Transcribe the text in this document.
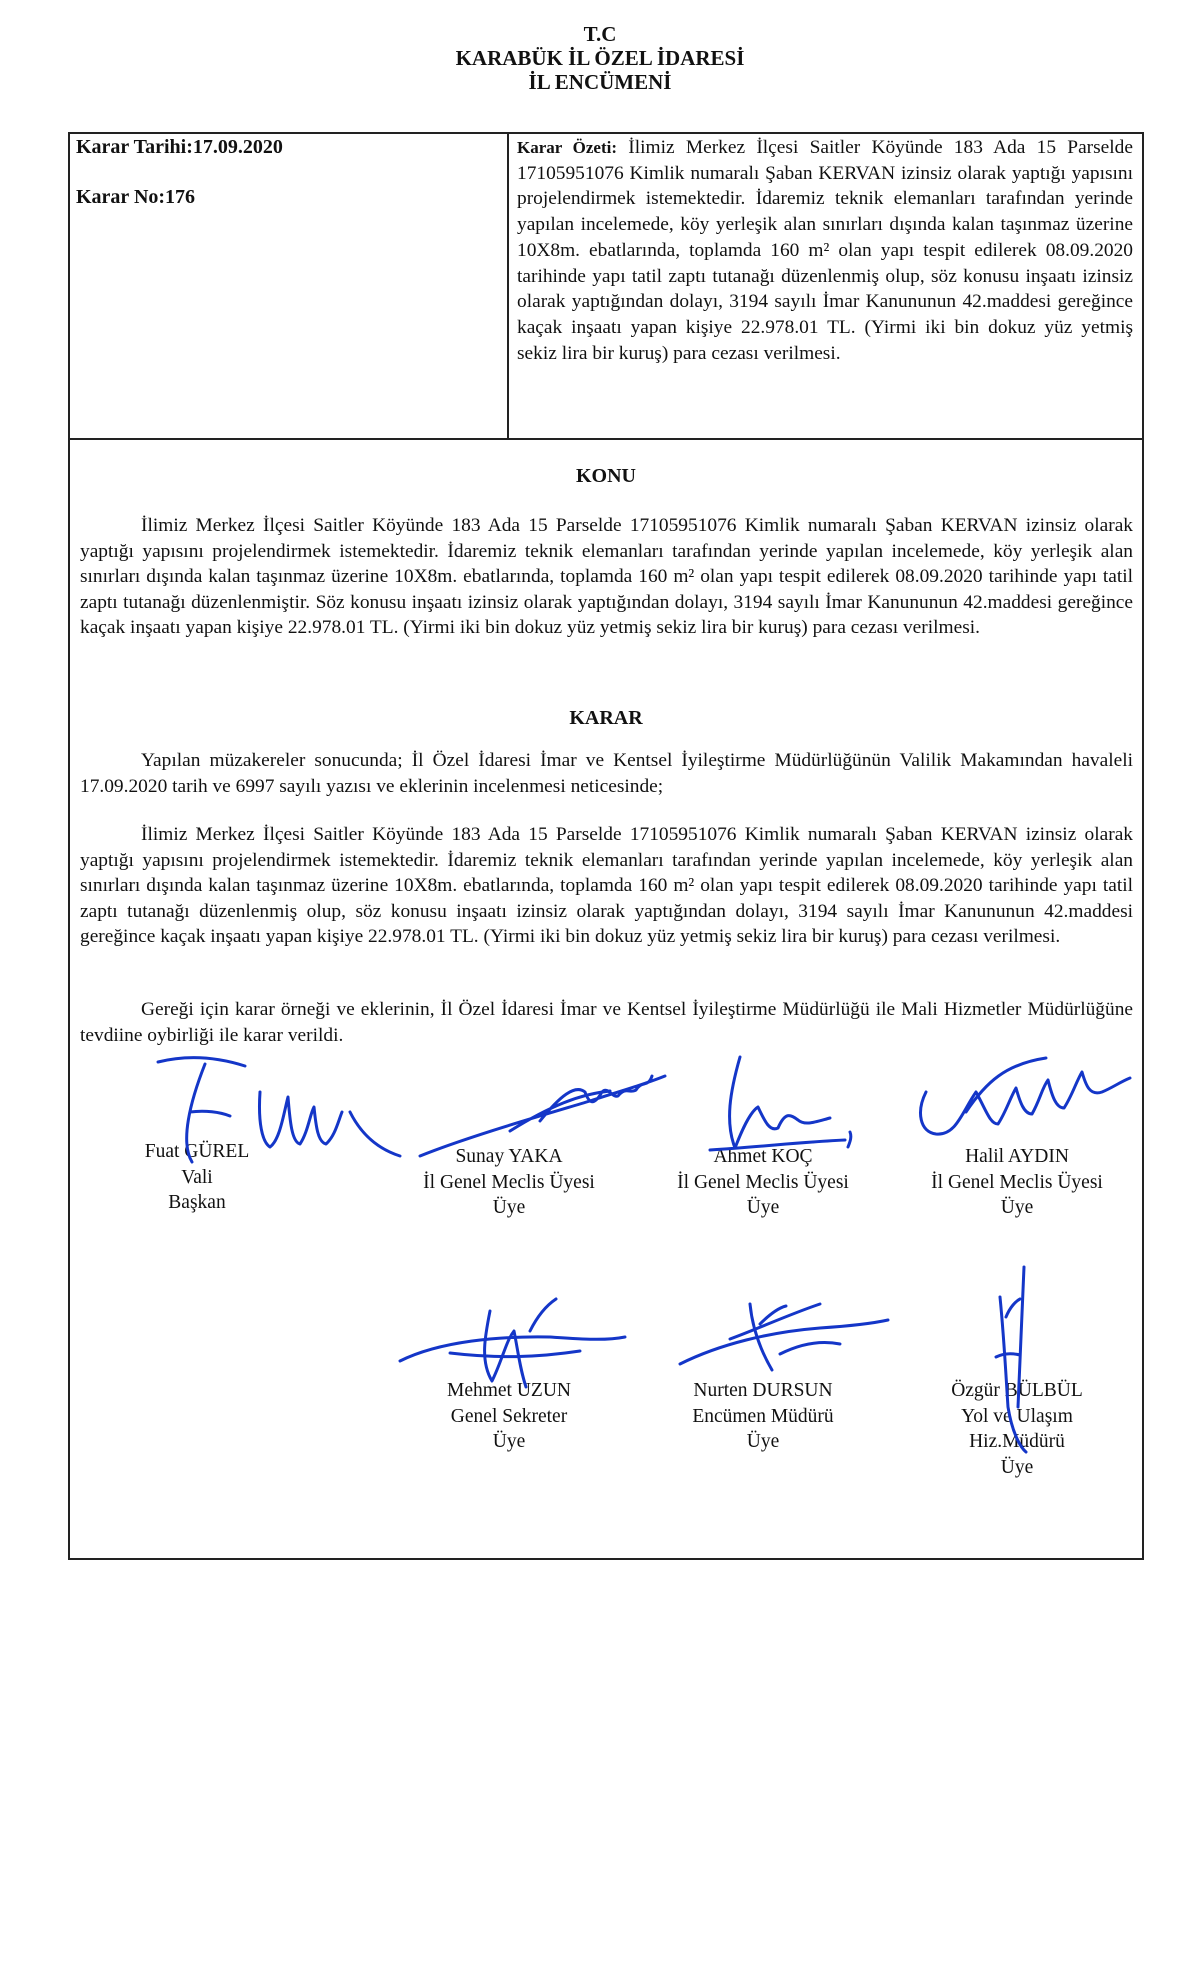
T.C
KARABÜK İL ÖZEL İDARESİ
İL ENCÜMENİ
Karar Tarihi:17.09.2020
Karar No:176

Karar Özeti: İlimiz Merkez İlçesi Saitler Köyünde 183 Ada 15 Parselde 17105951076 Kimlik numaralı Şaban KERVAN izinsiz olarak yaptığı yapısını projelendirmek istemektedir. İdaremiz teknik elemanları tarafından yerinde yapılan incelemede, köy yerleşik alan sınırları dışında kalan taşınmaz üzerine 10X8m. ebatlarında, toplamda 160 m² olan yapı tespit edilerek 08.09.2020 tarihinde yapı tatil zaptı tutanağı düzenlenmiş olup, söz konusu inşaatı izinsiz olarak yaptığından dolayı, 3194 sayılı İmar Kanununun 42.maddesi gereğince kaçak inşaatı yapan kişiye 22.978.01 TL. (Yirmi iki bin dokuz yüz yetmiş sekiz lira bir kuruş) para cezası verilmesi.

KONU

İlimiz Merkez İlçesi Saitler Köyünde 183 Ada 15 Parselde 17105951076 Kimlik numaralı Şaban KERVAN izinsiz olarak yaptığı yapısını projelendirmek istemektedir. İdaremiz teknik elemanları tarafından yerinde yapılan incelemede, köy yerleşik alan sınırları dışında kalan taşınmaz üzerine 10X8m. ebatlarında, toplamda 160 m² olan yapı tespit edilerek 08.09.2020 tarihinde yapı tatil zaptı tutanağı düzenlenmiştir. Söz konusu inşaatı izinsiz olarak yaptığından dolayı, 3194 sayılı İmar Kanununun 42.maddesi gereğince kaçak inşaatı yapan kişiye 22.978.01 TL. (Yirmi iki bin dokuz yüz yetmiş sekiz lira bir kuruş) para cezası verilmesi.

KARAR

Yapılan müzakereler sonucunda; İl Özel İdaresi İmar ve Kentsel İyileştirme Müdürlüğünün Valilik Makamından havaleli 17.09.2020 tarih ve 6997 sayılı yazısı ve eklerinin incelenmesi neticesinde;

İlimiz Merkez İlçesi Saitler Köyünde 183 Ada 15 Parselde 17105951076 Kimlik numaralı Şaban KERVAN izinsiz olarak yaptığı yapısını projelendirmek istemektedir. İdaremiz teknik elemanları tarafından yerinde yapılan incelemede, köy yerleşik alan sınırları dışında kalan taşınmaz üzerine 10X8m. ebatlarında, toplamda 160 m² olan yapı tespit edilerek 08.09.2020 tarihinde yapı tatil zaptı tutanağı düzenlenmiş olup, söz konusu inşaatı izinsiz olarak yaptığından dolayı, 3194 sayılı İmar Kanununun 42.maddesi gereğince kaçak inşaatı yapan kişiye 22.978.01 TL. (Yirmi iki bin dokuz yüz yetmiş sekiz lira bir kuruş) para cezası verilmesi.

Gereği için karar örneği ve eklerinin, İl Özel İdaresi İmar ve Kentsel İyileştirme Müdürlüğü ile Mali Hizmetler Müdürlüğüne tevdiine oybirliği ile karar verildi.

Fuat GÜREL
Vali
Başkan
Sunay YAKA
İl Genel Meclis Üyesi
Üye
Ahmet KOÇ
İl Genel Meclis Üyesi
Üye
Halil AYDIN
İl Genel Meclis Üyesi
Üye
Mehmet UZUN
Genel Sekreter
Üye
Nurten DURSUN
Encümen Müdürü
Üye
Özgür BÜLBÜL
Yol ve Ulaşım
Hiz.Müdürü
Üye
